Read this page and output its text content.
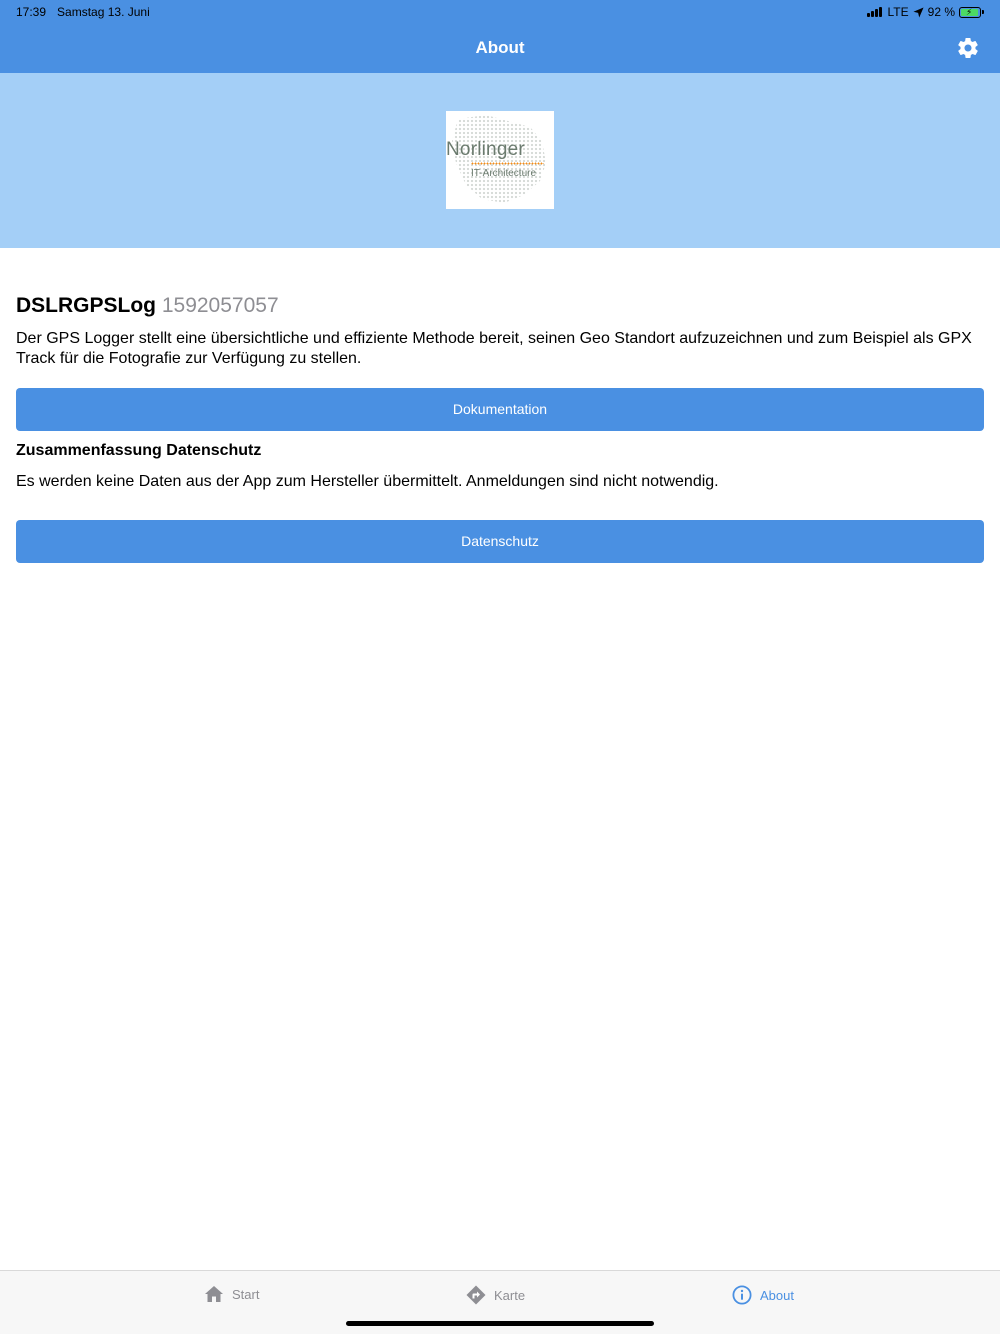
17:39 Samstag 13. Juni	LTE 92 % ⚡
About
Norlinger
IT-Architecture
DSLRGPSLog 1592057057

Der GPS Logger stellt eine übersichtliche und effiziente Methode bereit, seinen Geo Standort aufzuzeichnen und zum Beispiel als GPX Track für die Fotografie zur Verfügung zu stellen.

Dokumentation
Zusammenfassung Datenschutz
Es werden keine Daten aus der App zum Hersteller übermittelt. Anmeldungen sind nicht notwendig.
Datenschutz
Start	Karte	About
